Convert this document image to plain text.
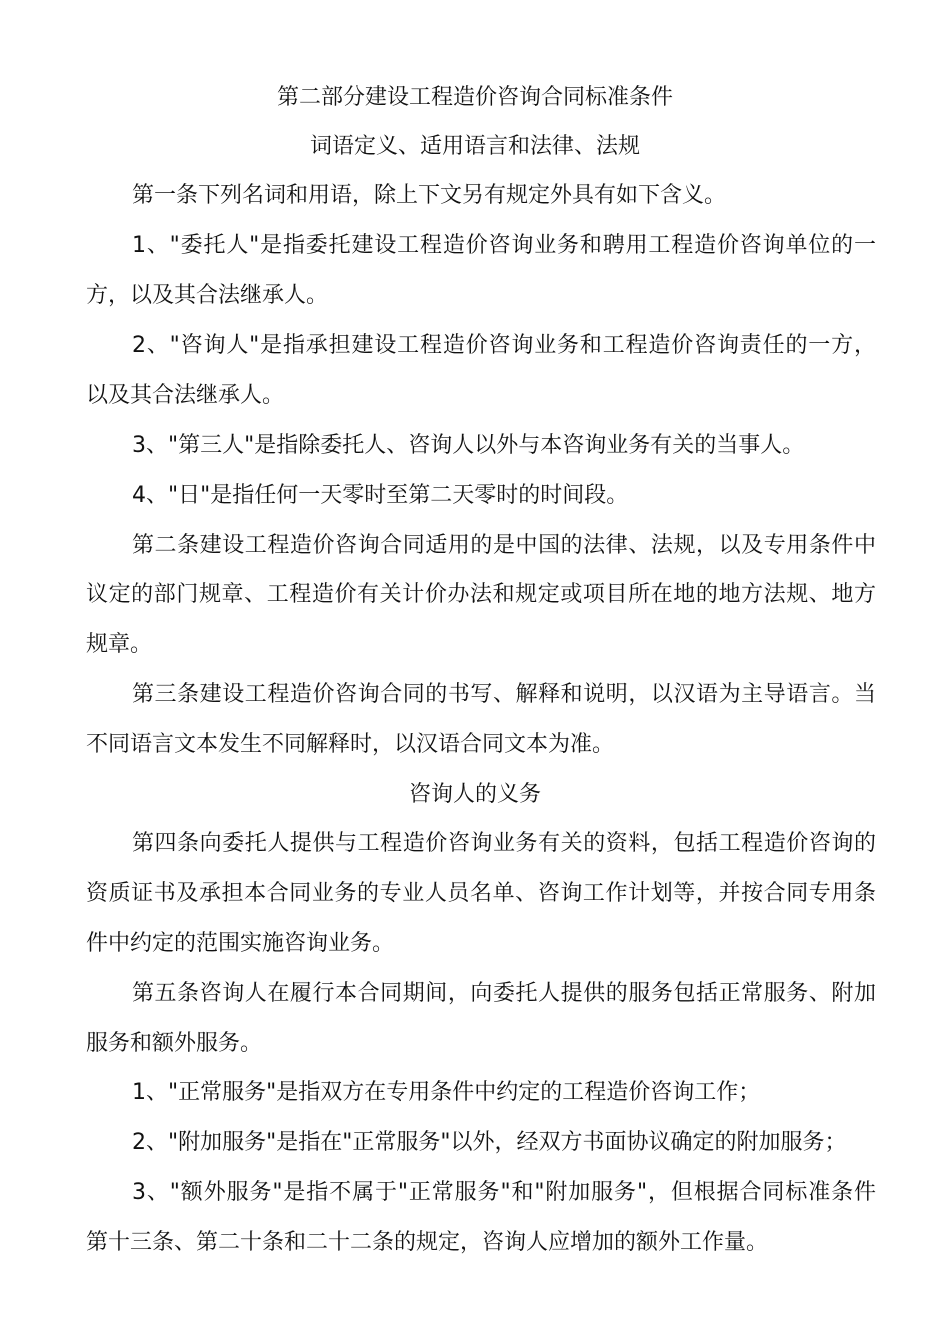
第二部分建设工程造价咨询合同标准条件
词语定义、适用语言和法律、法规
第一条下列名词和用语，除上下文另有规定外具有如下含义。
1、"委托人"是指委托建设工程造价咨询业务和聘用工程造价咨询单位的一
方，以及其合法继承人。
2、"咨询人"是指承担建设工程造价咨询业务和工程造价咨询责任的一方，
以及其合法继承人。
3、"第三人"是指除委托人、咨询人以外与本咨询业务有关的当事人。
4、"日"是指任何一天零时至第二天零时的时间段。
第二条建设工程造价咨询合同适用的是中国的法律、法规，以及专用条件中
议定的部门规章、工程造价有关计价办法和规定或项目所在地的地方法规、地方
规章。
第三条建设工程造价咨询合同的书写、解释和说明，以汉语为主导语言。当
不同语言文本发生不同解释时，以汉语合同文本为准。
咨询人的义务
第四条向委托人提供与工程造价咨询业务有关的资料，包括工程造价咨询的
资质证书及承担本合同业务的专业人员名单、咨询工作计划等，并按合同专用条
件中约定的范围实施咨询业务。
第五条咨询人在履行本合同期间，向委托人提供的服务包括正常服务、附加
服务和额外服务。
1、"正常服务"是指双方在专用条件中约定的工程造价咨询工作；
2、"附加服务"是指在"正常服务"以外，经双方书面协议确定的附加服务；
3、"额外服务"是指不属于"正常服务"和"附加服务"，但根据合同标准条件
第十三条、第二十条和二十二条的规定，咨询人应增加的额外工作量。
